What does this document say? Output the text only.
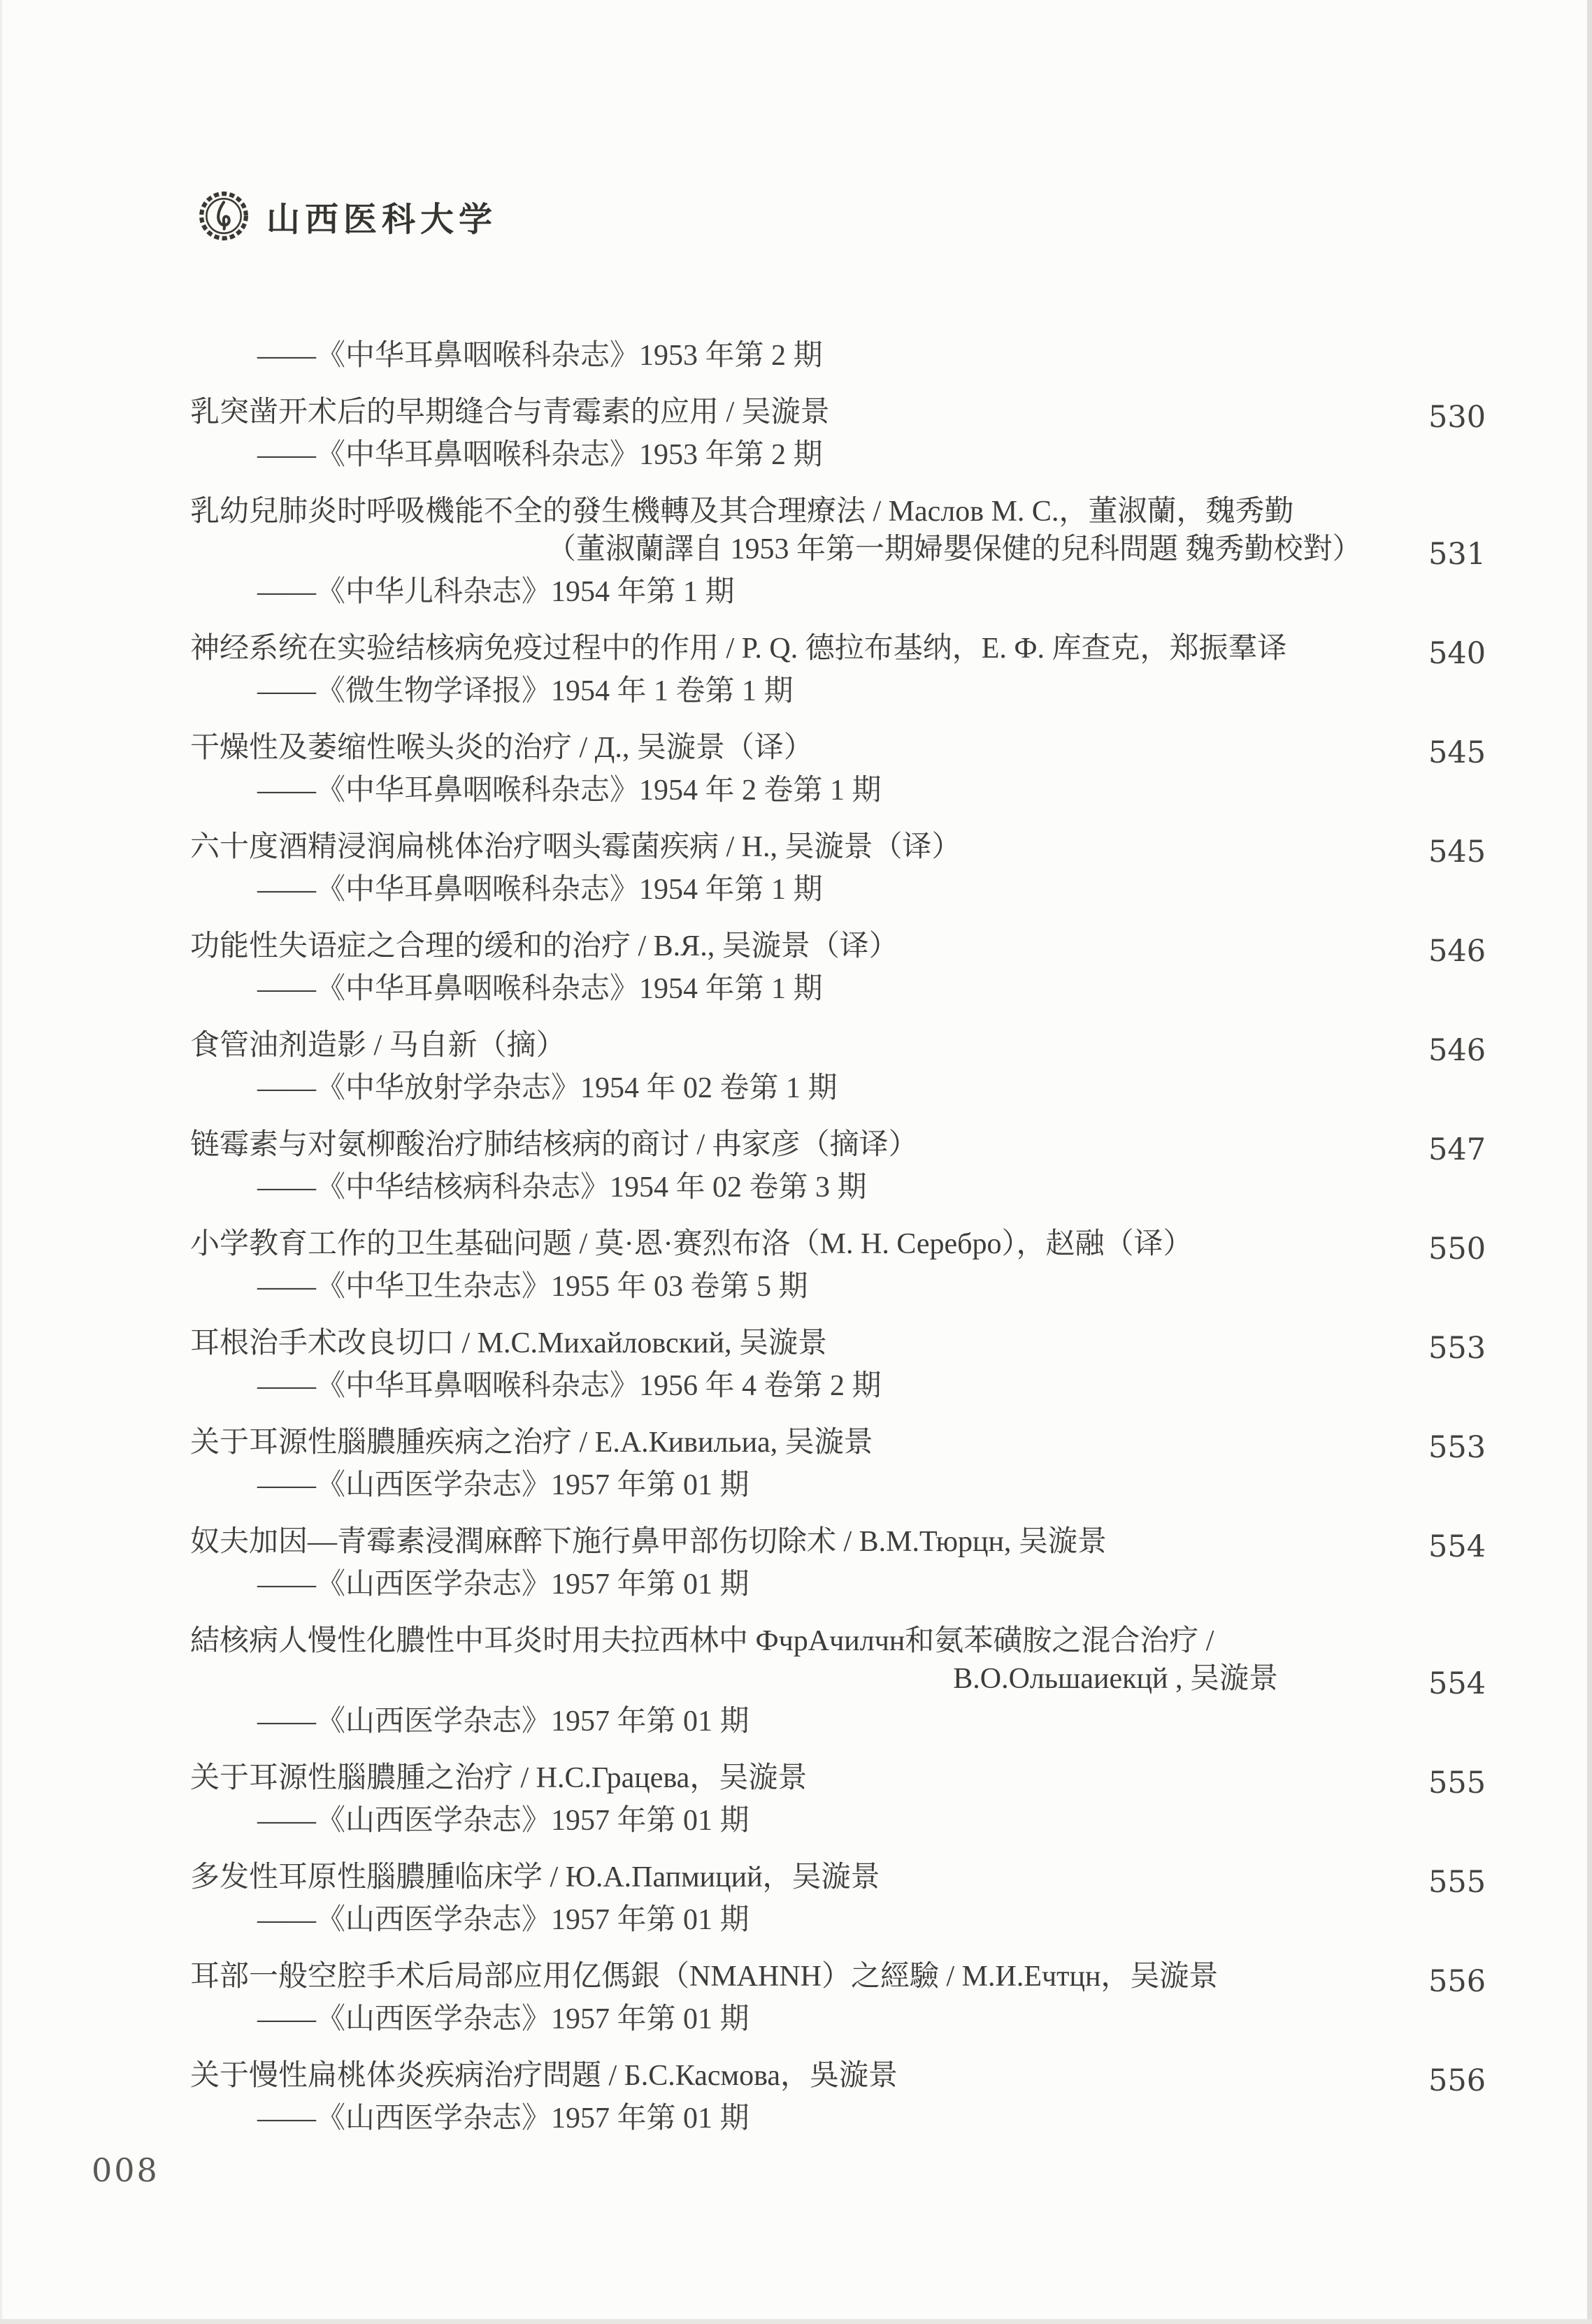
山西医科大学
——《中华耳鼻咽喉科杂志》1953 年第 2 期
乳突凿开术后的早期缝合与青霉素的应用 / 吴漩景	530
——《中华耳鼻咽喉科杂志》1953 年第 2 期
乳幼兒肺炎时呼吸機能不全的發生機轉及其合理療法 / Маслов М. С.，董淑蘭，魏秀勤
（董淑蘭譯自 1953 年第一期婦嬰保健的兒科問題 魏秀勤校對） 531
——《中华儿科杂志》1954 年第 1 期
神经系统在实验结核病免疫过程中的作用 / P. Q. 德拉布基纳，E. Ф. 库查克，郑振羣译	540
——《微生物学译报》1954 年 1 卷第 1 期
干燥性及萎缩性喉头炎的治疗 / Д., 吴漩景（译）	545
——《中华耳鼻咽喉科杂志》1954 年 2 卷第 1 期
六十度酒精浸润扁桃体治疗咽头霉菌疾病 / Н., 吴漩景（译）	545
——《中华耳鼻咽喉科杂志》1954 年第 1 期
功能性失语症之合理的缓和的治疗 / В.Я., 吴漩景（译）	546
——《中华耳鼻咽喉科杂志》1954 年第 1 期
食管油剂造影 / 马自新（摘）	546
——《中华放射学杂志》1954 年 02 卷第 1 期
链霉素与对氨柳酸治疗肺结核病的商讨 / 冉家彦（摘译）	547
——《中华结核病科杂志》1954 年 02 卷第 3 期
小学教育工作的卫生基础问题 / 莫·恩·赛烈布洛（M. H. Серебро），赵融（译）	550
——《中华卫生杂志》1955 年 03 卷第 5 期
耳根治手术改良切口 / М.С.Михайловский, 吴漩景	553
——《中华耳鼻咽喉科杂志》1956 年 4 卷第 2 期
关于耳源性腦膿腫疾病之治疗 / Е.А.Кивильиа, 吴漩景	553
——《山西医学杂志》1957 年第 01 期
奴夫加因—青霉素浸潤麻醉下施行鼻甲部伤切除术 / В.М.Тюрцн, 吴漩景	554
——《山西医学杂志》1957 年第 01 期
結核病人慢性化膿性中耳炎时用夫拉西林中 ФчрАчилчн和氨苯磺胺之混合治疗 /
В.О.Ольшаиекцй , 吴漩景	554
——《山西医学杂志》1957 年第 01 期
关于耳源性腦膿腫之治疗 / Н.С.Грацева，吴漩景	555
——《山西医学杂志》1957 年第 01 期
多发性耳原性腦膿腫临床学 / Ю.А.Папмиций，吴漩景	555
——《山西医学杂志》1957 年第 01 期
耳部一般空腔手术后局部应用亿傌銀（NMAHNH）之經驗 / М.И.Ечтцн，吴漩景	556
——《山西医学杂志》1957 年第 01 期
关于慢性扁桃体炎疾病治疗問題 / Б.С.Касмова，吳漩景	556
——《山西医学杂志》1957 年第 01 期
008
